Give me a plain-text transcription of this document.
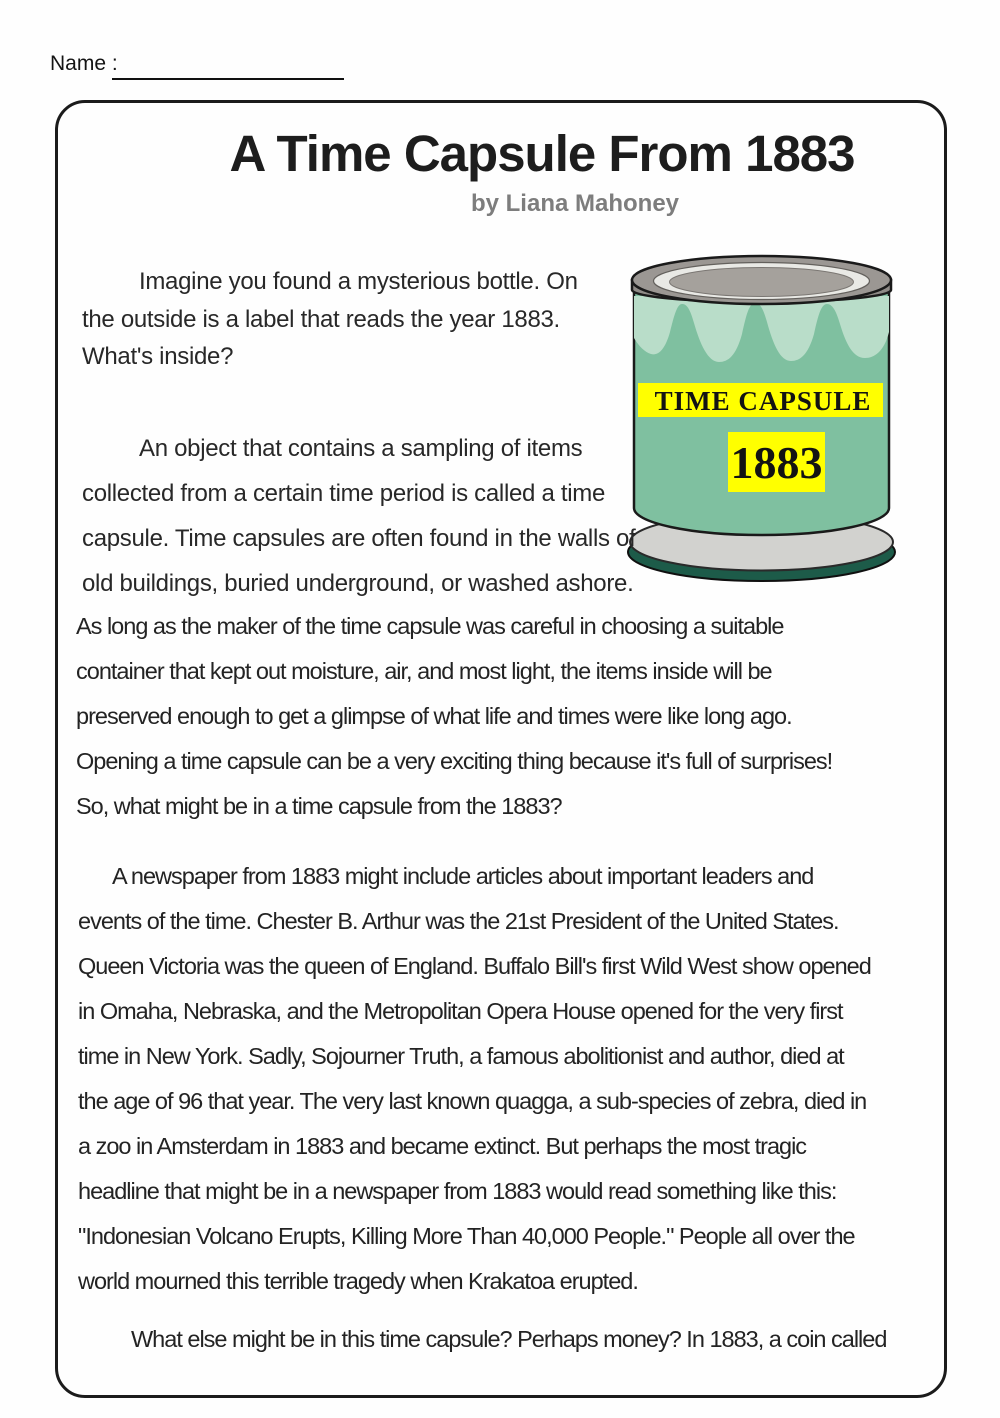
Name :
A Time Capsule From 1883
by Liana Mahoney
TIME CAPSULE
1883
Imagine you found a mysterious bottle. On
the outside is a label that reads the year 1883.
What's inside?
An object that contains a sampling of items
collected from a certain time period is called a time
capsule. Time capsules are often found in the walls of
old buildings, buried underground, or washed ashore.
As long as the maker of the time capsule was careful in choosing a suitable
container that kept out moisture, air, and most light, the items inside will be
preserved enough to get a glimpse of what life and times were like long ago.
Opening a time capsule can be a very exciting thing because it's full of surprises!
So, what might be in a time capsule from the 1883?
A newspaper from 1883 might include articles about important leaders and
events of the time. Chester B. Arthur was the 21st President of the United States.
Queen Victoria was the queen of England. Buffalo Bill's first Wild West show opened
in Omaha, Nebraska, and the Metropolitan Opera House opened for the very first
time in New York. Sadly, Sojourner Truth, a famous abolitionist and author, died at
the age of 96 that year. The very last known quagga, a sub-species of zebra, died in
a zoo in Amsterdam in 1883 and became extinct. But perhaps the most tragic
headline that might be in a newspaper from 1883 would read something like this:
"Indonesian Volcano Erupts, Killing More Than 40,000 People." People all over the
world mourned this terrible tragedy when Krakatoa erupted.
What else might be in this time capsule? Perhaps money? In 1883, a coin called
